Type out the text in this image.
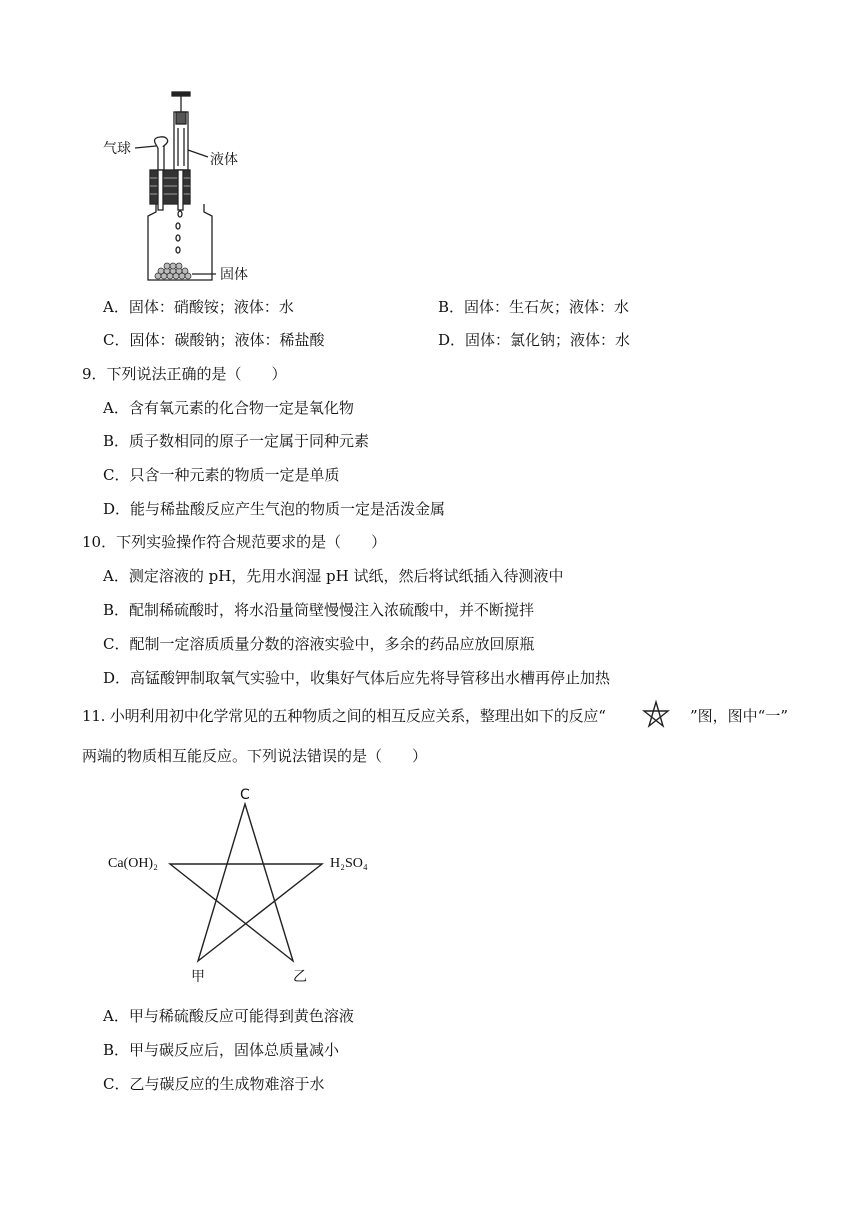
气球
液体
固体
A．固体：硝酸铵；液体：水	B．固体：生石灰；液体：水
C．固体：碳酸钠；液体：稀盐酸	D．固体：氯化钠；液体：水
9．下列说法正确的是（　　）
A．含有氧元素的化合物一定是氧化物
B．质子数相同的原子一定属于同种元素
C．只含一种元素的物质一定是单质
D．能与稀盐酸反应产生气泡的物质一定是活泼金属
10．下列实验操作符合规范要求的是（　　）
A．测定溶液的 pH，先用水润湿 pH 试纸，然后将试纸插入待测液中
B．配制稀硫酸时，将水沿量筒壁慢慢注入浓硫酸中，并不断搅拌
C．配制一定溶质质量分数的溶液实验中，多余的药品应放回原瓶
D．高锰酸钾制取氧气实验中，收集好气体后应先将导管移出水槽再停止加热
11. 小明利用初中化学常见的五种物质之间的相互反应关系，整理出如下的反应“	”图，图中“一”
两端的物质相互能反应。下列说法错误的是（　　）
C
Ca(OH)₂	H₂SO₄
甲	乙
A．甲与稀硫酸反应可能得到黄色溶液
B．甲与碳反应后，固体总质量减小
C．乙与碳反应的生成物难溶于水
